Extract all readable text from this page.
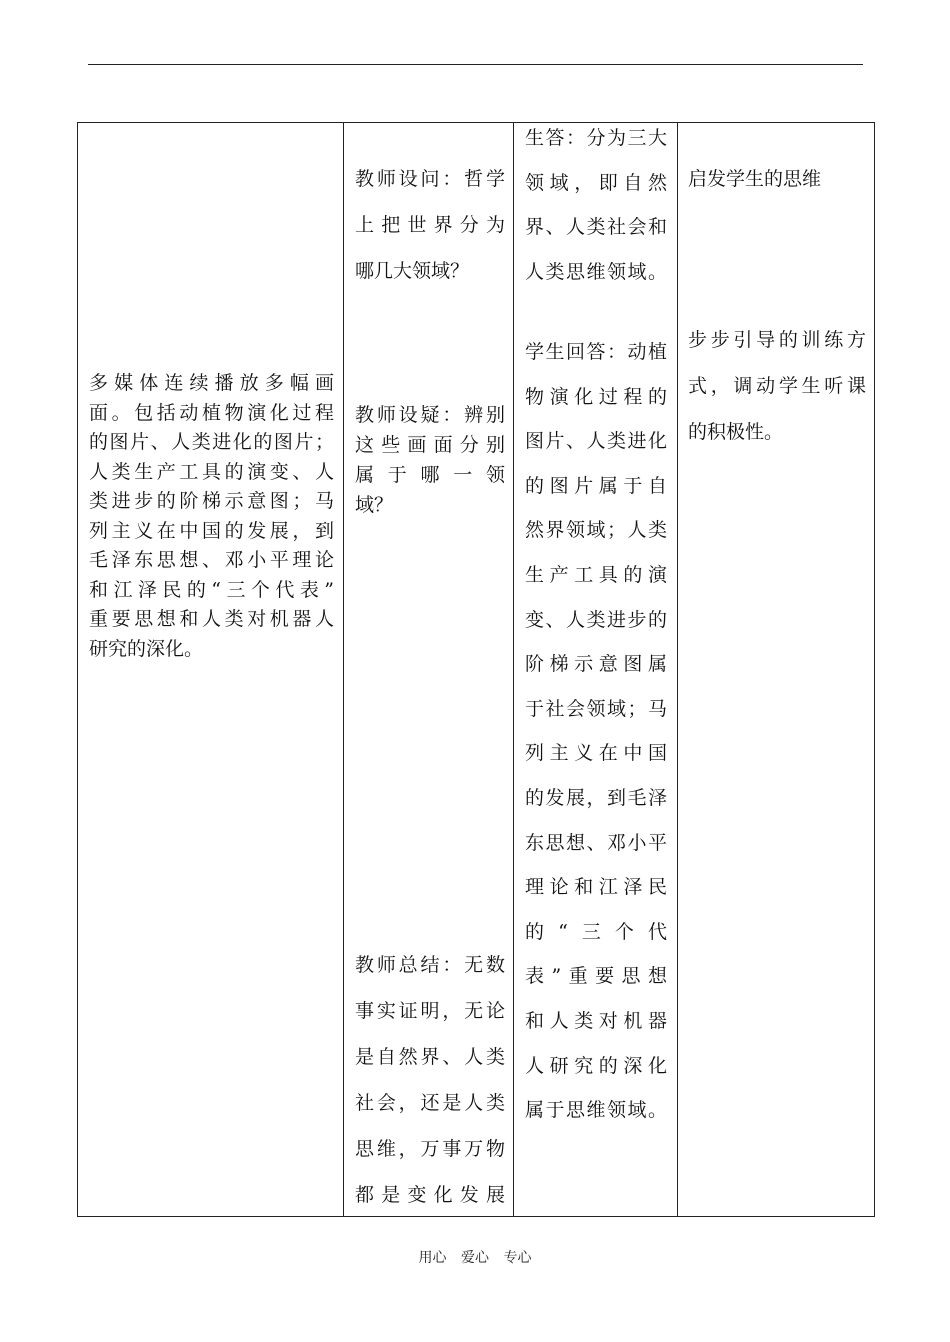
多媒体连续播放多幅画
面。包括动植物演化过程
的图片、人类进化的图片；
人类生产工具的演变、人
类进步的阶梯示意图；马
列主义在中国的发展，到
毛泽东思想、邓小平理论
和江泽民的“三个代表”
重要思想和人类对机器人
研究的深化。
教师设问：哲学
上把世界分为
哪几大领域？
教师设疑：辨别
这些画面分别
属于哪一领
域？
教师总结：无数
事实证明，无论
是自然界、人类
社会，还是人类
思维，万事万物
都是变化发展
生答：分为三大
领域，即自然
界、人类社会和
人类思维领域。
学生回答：动植
物演化过程的
图片、人类进化
的图片属于自
然界领域；人类
生产工具的演
变、人类进步的
阶梯示意图属
于社会领域；马
列主义在中国
的发展，到毛泽
东思想、邓小平
理论和江泽民
的“三个代
表”重要思想
和人类对机器
人研究的深化
属于思维领域。
启发学生的思维
步步引导的训练方
式，调动学生听课
的积极性。
用心 爱心 专心
